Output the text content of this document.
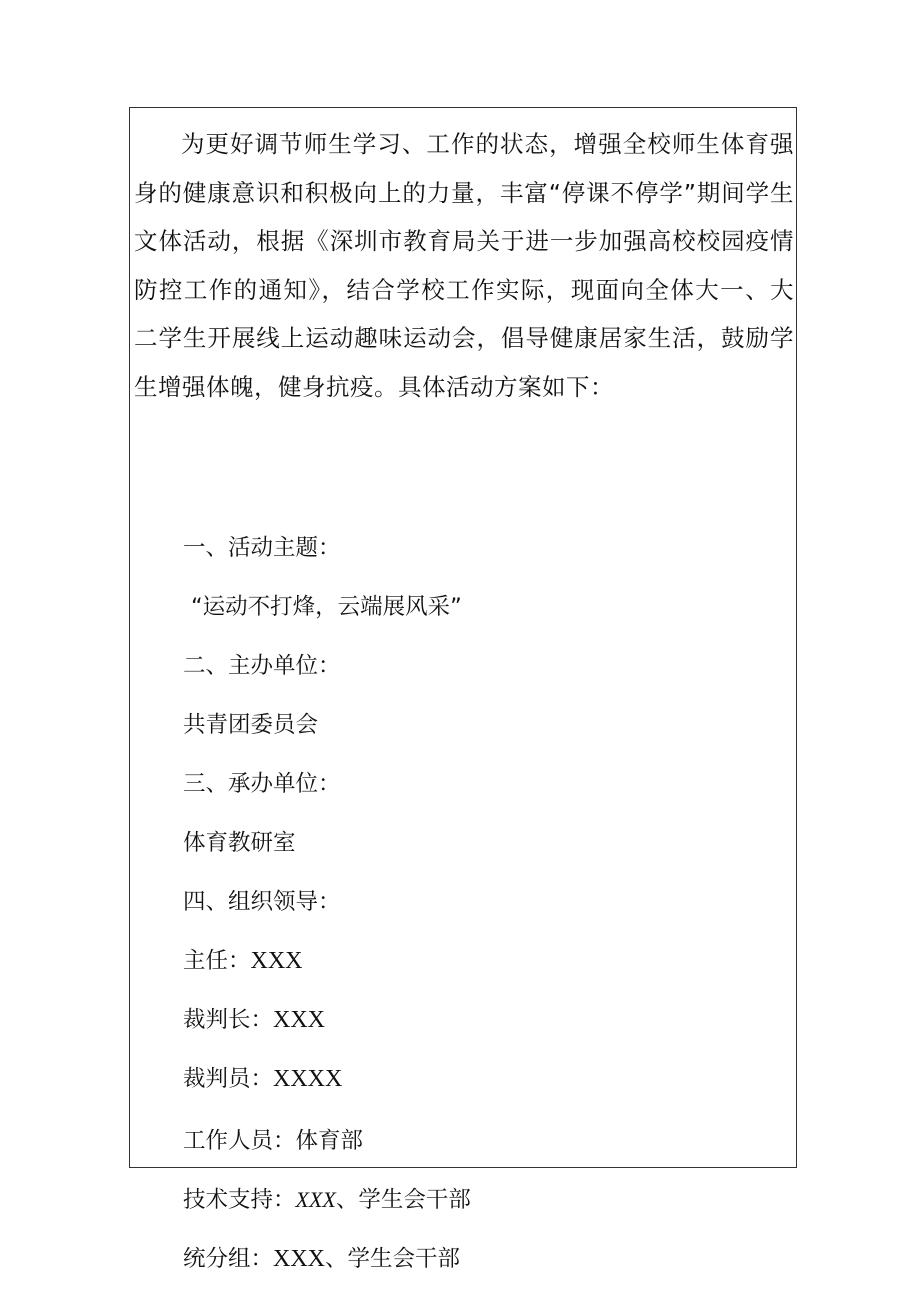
为更好调节师生学习、工作的状态，增强全校师生体育强身的健康意识和积极向上的力量，丰富“停课不停学”期间学生文体活动，根据《深圳市教育局关于进一步加强高校校园疫情防控工作的通知》，结合学校工作实际，现面向全体大一、大二学生开展线上运动趣味运动会，倡导健康居家生活，鼓励学生增强体魄，健身抗疫。具体活动方案如下：

一、活动主题：

“运动不打烽，云端展风采”

二、主办单位：

共青团委员会

三、承办单位：

体育教研室

四、组织领导：

主任：XXX

裁判长：XXX

裁判员：XXXX

工作人员：体育部

技术支持：XXX、学生会干部

统分组：XXX、学生会干部
